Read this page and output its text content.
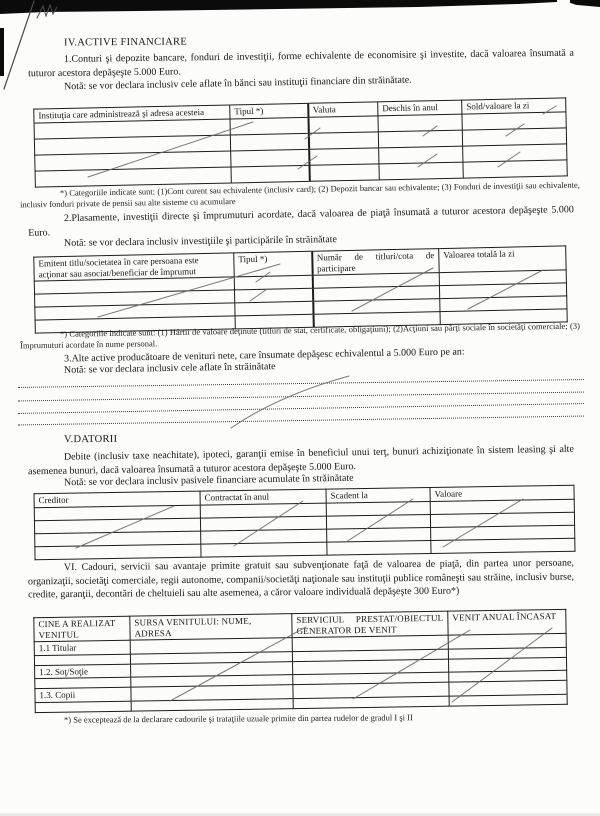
IV.ACTIVE FINANCIARE
1.Conturi şi depozite bancare, fonduri de investiţii, forme echivalente de economisire şi investite, dacă valoarea însumată a tuturor acestora depăşeşte 5.000 Euro.
Notă: se vor declara inclusiv cele aflate în bănci sau instituţii financiare din străinătate.
Instituţia care administrează şi adresa acesteia	Tipul *)	Valuta	Deschis în anul	Sold/valoare la zi

*) Categoriile indicate sunt: (1)Cont curent sau echivalente (inclusiv card); (2) Depozit bancar sau echivalente; (3) Fonduri de investiţii sau echivalente, inclusiv fonduri private de pensii sau alte sisteme cu acumulare
2.Plasamente, investiţii directe şi împrumuturi acordate, dacă valoarea de piaţă însumată a tuturor acestora depăşeşte 5.000 Euro.
Notă: se vor declara inclusiv investiţiile şi participările în străinătate
Emitent titlu/societatea în care persoana este acţionar sau asociat/beneficiar de împrumut	Tipul *)	Număr de titluri/cota de participare	Valoarea totală la zi

*) Categoriile indicate sunt: (1) Hârtii de valoare deţinute (titluri de stat, certificate, obligaţiuni); (2)Acţiuni sau părţi sociale în societăţi comerciale; (3) Împrumuturi acordate în nume personal.
3.Alte active producătoare de venituri nete, care însumate depăşesc echivalentul a 5.000 Euro pe an:
Notă: se vor declara inclusiv cele aflate în străinătate
V.DATORII
Debite (inclusiv taxe neachitate), ipoteci, garanţii emise în beneficiul unui terţ, bunuri achiziţionate în sistem leasing şi alte asemenea bunuri, dacă valoarea însumată a tuturor acestora depăşeşte 5.000 Euro.
Notă: se vor declara inclusiv pasivele financiare acumulate în străinătate
Creditor	Contractat în anul	Scadent la	Valoare

VI. Cadouri, servicii sau avantaje primite gratuit sau subvenţionate faţă de valoarea de piaţă, din partea unor persoane, organizaţii, societăţi comerciale, regii autonome, companii/societăţi naţionale sau instituţii publice româneşti sau străine, inclusiv burse, credite, garanţii, decontări de cheltuieli sau alte asemenea, a căror valoare individuală depăşeşte 300 Euro*)
CINE A REALIZAT VENITUL	SURSA VENITULUI: NUME, ADRESA	SERVICIUL PRESTAT/OBIECTUL GENERATOR DE VENIT	VENIT ANUAL ÎNCASAT
1.1 Titular			

1.2. Soţ/Soţie			

1.3. Copii			

*) Se exceptează de la declarare cadourile şi trataţiile uzuale primite din partea rudelor de gradul I şi II
